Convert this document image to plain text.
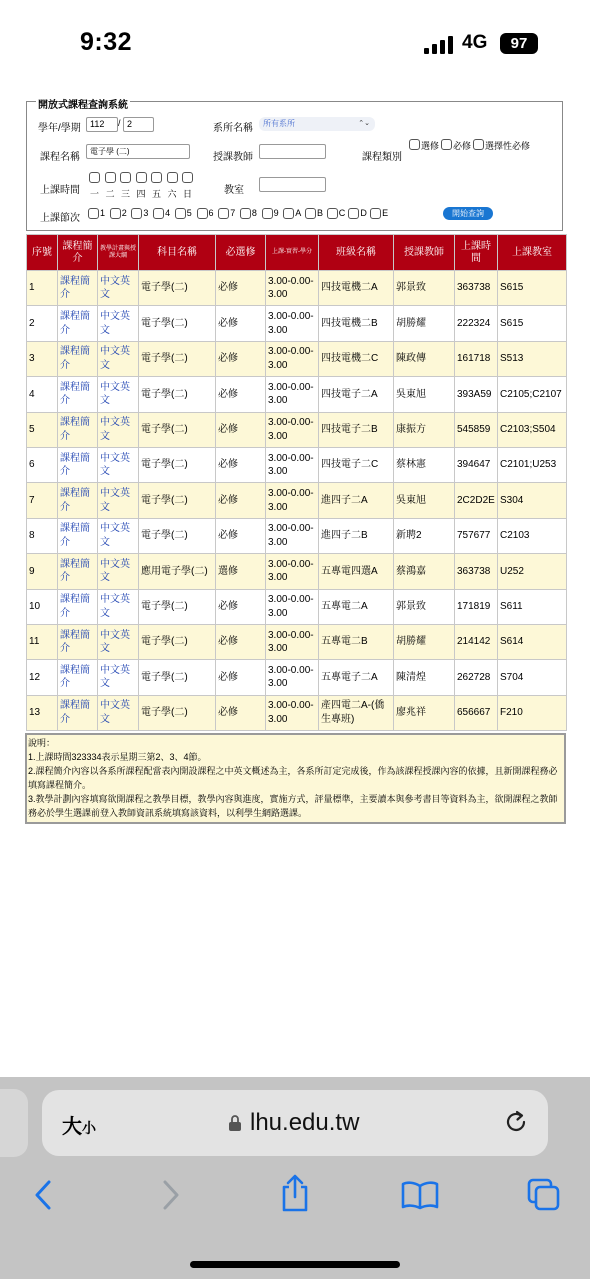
9:32	4G	97
開放式課程查詢系統
學年/學期	112	/ 2	系所名稱	所有系所	⌃⌄
課程名稱
電子學 (二)
授課教師	課程類別
選修 必修 選擇性必修
上課時間 一 二 三 四 五 六 日	教室
上課節次 1 2 3 4 5 6 7 8 9 A B C D E	開始查詢
序號	課程簡介	教學計畫與授課大綱	科目名稱	必選修	上課-實習-學分	班級名稱	授課教師	上課時間	上課教室
1	課程簡介	中文英文	電子學(二)	必修	3.00-0.00-3.00	四技電機二A	郭景致	363738	S615
2	課程簡介	中文英文	電子學(二)	必修	3.00-0.00-3.00	四技電機二B	胡勝耀	222324	S615
3	課程簡介	中文英文	電子學(二)	必修	3.00-0.00-3.00	四技電機二C	陳政傳	161718	S513
4	課程簡介	中文英文	電子學(二)	必修	3.00-0.00-3.00	四技電子二A	吳東旭	393A59	C2105;C2107
5	課程簡介	中文英文	電子學(二)	必修	3.00-0.00-3.00	四技電子二B	康振方	545859	C2103;S504
6	課程簡介	中文英文	電子學(二)	必修	3.00-0.00-3.00	四技電子二C	蔡林憲	394647	C2101;U253
7	課程簡介	中文英文	電子學(二)	必修	3.00-0.00-3.00	進四子二A	吳東旭	2C2D2E	S304
8	課程簡介	中文英文	電子學(二)	必修	3.00-0.00-3.00	進四子二B	新聘2	757677	C2103
9	課程簡介	中文英文	應用電子學(二)	選修	3.00-0.00-3.00	五專電四選A	蔡鴻嘉	363738	U252
10	課程簡介	中文英文	電子學(二)	必修	3.00-0.00-3.00	五專電二A	郭景致	171819	S611
11	課程簡介	中文英文	電子學(二)	必修	3.00-0.00-3.00	五專電二B	胡勝耀	214142	S614
12	課程簡介	中文英文	電子學(二)	必修	3.00-0.00-3.00	五專電子二A	陳清煌	262728	S704
13	課程簡介	中文英文	電子學(二)	必修	3.00-0.00-3.00	產四電二A-(僑生專班)	廖兆祥	656667	F210
說明：
1.上課時間323334表示星期三第2、3、4節。
2.課程簡介內容以各系所課程配當表內開設課程之中英文概述為主，各系所訂定完成後，作為該課程授課內容的依據，且新開課程務必填寫課程簡介。
3.教學計劃內容填寫欲開課程之教學目標，教學內容與進度，實施方式，評量標準，主要讀本與參考書目等資料為主，欲開課程之教師務必於學生選課前登入教師資訊系統填寫該資料，以利學生網路選課。
大小	lhu.edu.tw
